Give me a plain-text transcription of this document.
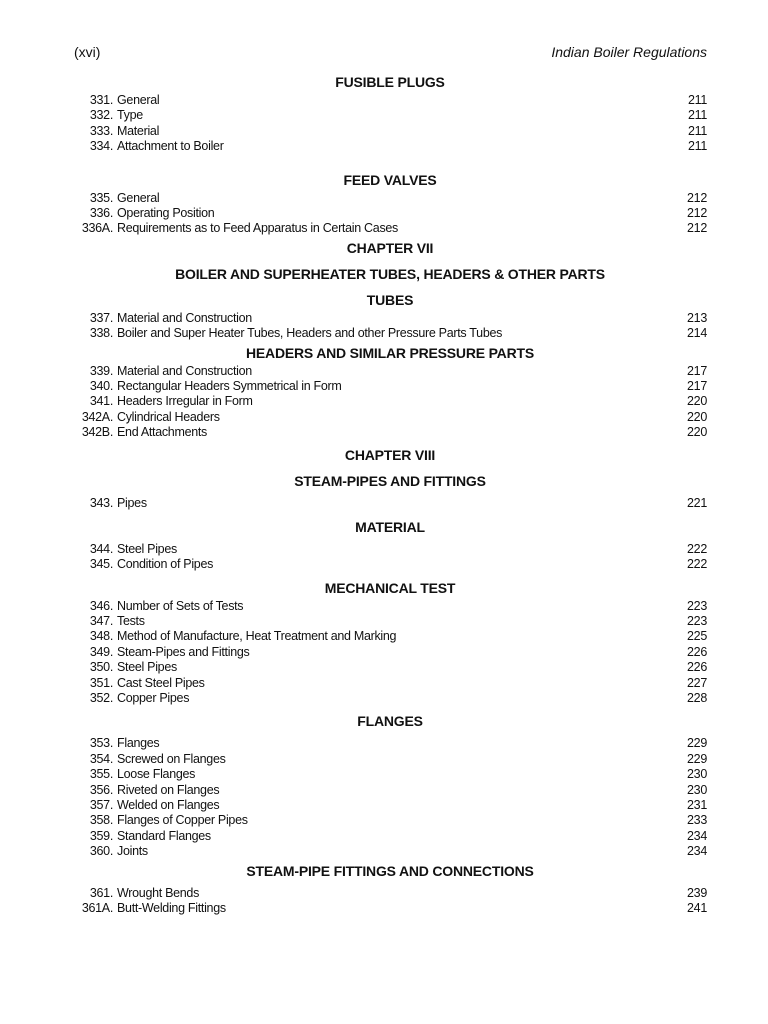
(xvi)	Indian Boiler Regulations
FUSIBLE PLUGS
331. General	211
332. Type	211
333. Material	211
334. Attachment to Boiler	211
FEED VALVES
335. General	212
336. Operating Position	212
336A. Requirements as to Feed Apparatus in Certain Cases	212
CHAPTER VII
BOILER AND SUPERHEATER TUBES, HEADERS & OTHER PARTS
TUBES
337. Material and Construction	213
338. Boiler and Super Heater Tubes, Headers and other Pressure Parts Tubes	214
HEADERS AND SIMILAR PRESSURE PARTS
339. Material and Construction	217
340. Rectangular Headers Symmetrical in Form	217
341. Headers Irregular in Form	220
342A. Cylindrical Headers	220
342B. End Attachments	220
CHAPTER VIII
STEAM-PIPES AND FITTINGS
343. Pipes	221
MATERIAL
344. Steel Pipes	222
345. Condition of Pipes	222
MECHANICAL TEST
346. Number of Sets of Tests	223
347. Tests	223
348. Method of Manufacture, Heat Treatment and Marking	225
349. Steam-Pipes and Fittings	226
350. Steel Pipes	226
351. Cast Steel Pipes	227
352. Copper Pipes	228
FLANGES
353. Flanges	229
354. Screwed on Flanges	229
355. Loose Flanges	230
356. Riveted on Flanges	230
357. Welded on Flanges	231
358. Flanges of Copper Pipes	233
359. Standard Flanges	234
360. Joints	234
STEAM-PIPE FITTINGS AND CONNECTIONS
361. Wrought Bends	239
361A. Butt-Welding Fittings	241
